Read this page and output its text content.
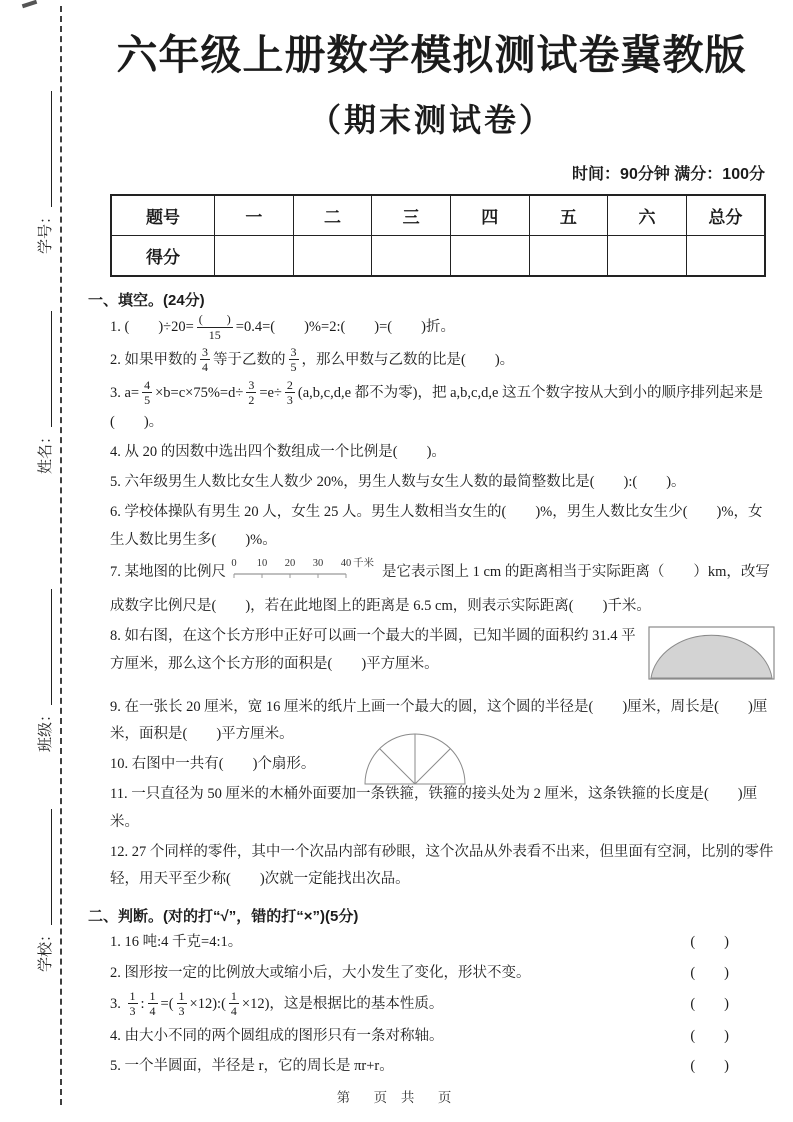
学号：
姓名：
班级：
学校：
六年级上册数学模拟测试卷冀教版
（期末测试卷）
时间：90分钟 满分：100分
题号	一	二	三	四	五	六	总分
得分							
一、填空。(24分)
1. (　　)$\div 20= \frac{( )}{15} =0.4=$(　　)%=2:(　　)=(　　)折。
2. 如果甲数的 $\frac{3}{4}$ 等于乙数的 $\frac{3}{5}$ ，那么甲数与乙数的比是(　　)。
3. $a= \frac{4}{5} \times b=c\times 75\%=d\div \frac{3}{2} =e\div \frac{2}{3} (a,b,c,d,e$ 都不为零)，把 a,b,c,d,e 这五个数字按从大到小的顺序排列起来是(　　)。
4. 从 20 的因数中选出四个数组成一个比例是(　　)。
5. 六年级男生人数比女生人数少 20%，男生人数与女生人数的最简整数比是(　　):(　　)。
6. 学校体操队有男生 20 人，女生 25 人。男生人数相当女生的(　　)%，男生人数比女生少(　　)%，女生人数比男生多(　　)%。
7. 某地图的比例尺
0 10 20 30 40 千米
是它表示图上 1 cm 的距离相当于实际距离（　　）km，改写成数字比例尺是(　　)，若在此地图上的距离是 6.5 cm，则表示实际距离(　　)千米。
8. 如右图，在这个长方形中正好可以画一个最大的半圆，已知半圆的面积约 31.4 平方厘米，那么这个长方形的面积是(　　)平方厘米。
9. 在一张长 20 厘米，宽 16 厘米的纸片上画一个最大的圆，这个圆的半径是(　　)厘米，周长是(　　)厘米，面积是(　　)平方厘米。
10. 右图中一共有(　　)个扇形。
11. 一只直径为 50 厘米的木桶外面要加一条铁箍，铁箍的接头处为 2 厘米，这条铁箍的长度是(　　)厘米。
12. 27 个同样的零件，其中一个次品内部有砂眼，这个次品从外表看不出来，但里面有空洞，比别的零件轻，用天平至少称(　　)次就一定能找出次品。
二、判断。(对的打“√”，错的打“×”)(5分)
1. 16 吨:4 千克=4:1。	(　　)
2. 图形按一定的比例放大或缩小后，大小发生了变化，形状不变。	(　　)
3. $\frac{1}{3}$ : $\frac{1}{4}$ =( $\frac{1}{3}$ ×12):( $\frac{1}{4} \times 12$)，这是根据比的基本性质。	(　　)
4. 由大小不同的两个圆组成的图形只有一条对称轴。	(　　)
5. 一个半圆面，半径是 r，它的周长是 πr+r。	(　　)
第　页 共　页
